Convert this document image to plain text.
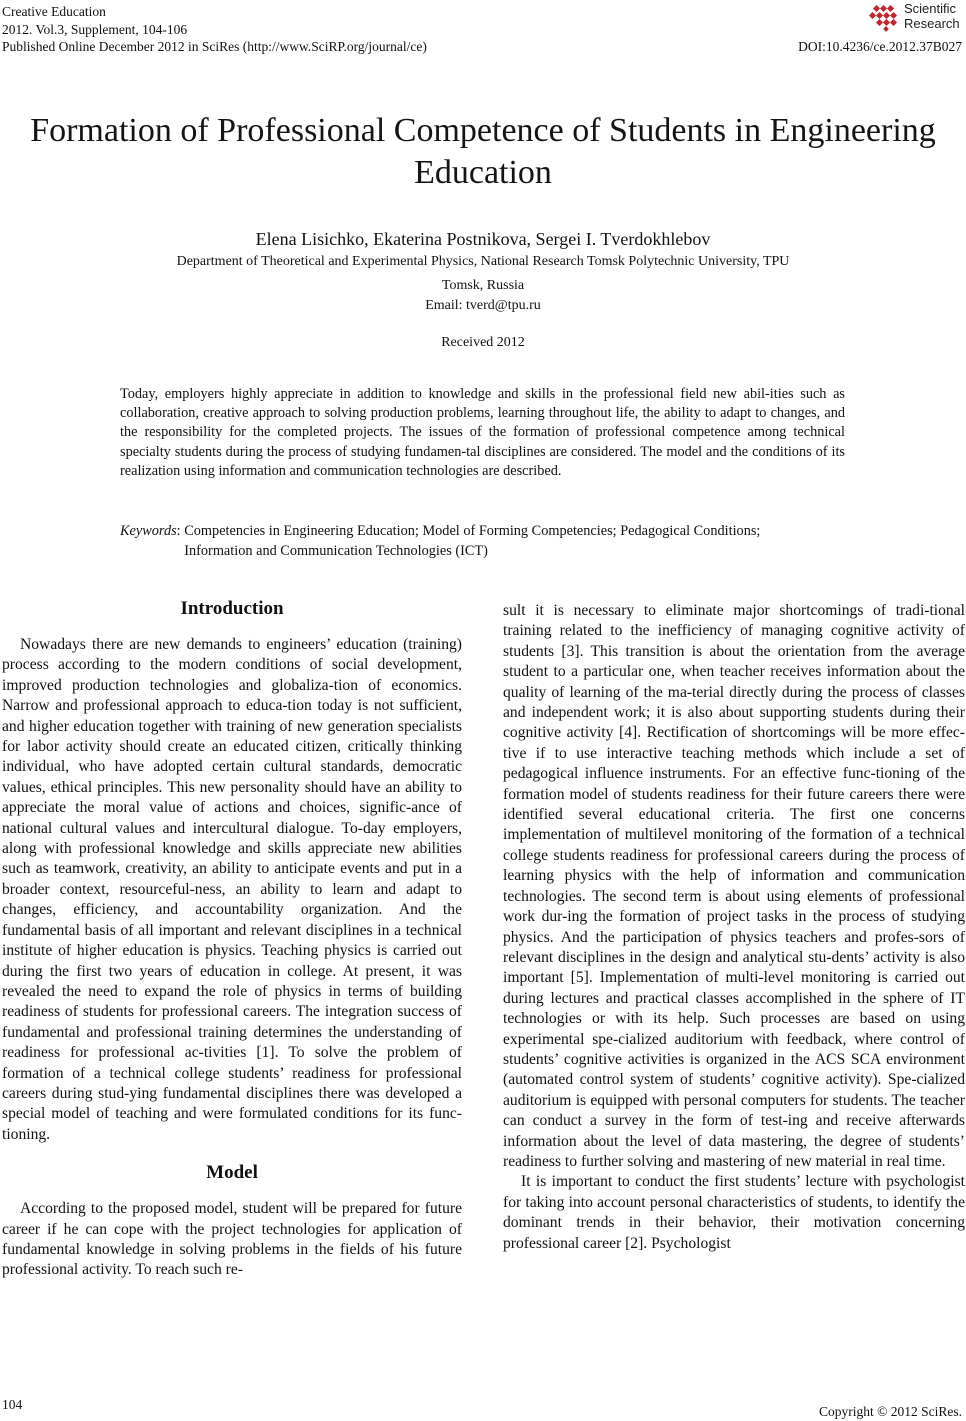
Creative Education
2012. Vol.3, Supplement, 104-106
Published Online December 2012 in SciRes (http://www.SciRP.org/journal/ce)	DOI:10.4236/ce.2012.37B027
Scientific
Research
Formation of Professional Competence of Students in Engineering Education
Elena Lisichko, Ekaterina Postnikova, Sergei I. Tverdokhlebov
Department of Theoretical and Experimental Physics, National Research Tomsk Polytechnic University, TPU
Tomsk, Russia
Email: tverd@tpu.ru
Received 2012
Today, employers highly appreciate in addition to knowledge and skills in the professional field new abil-ities such as collaboration, creative approach to solving production problems, learning throughout life, the ability to adapt to changes, and the responsibility for the completed projects. The issues of the formation of professional competence among technical specialty students during the process of studying fundamen-tal disciplines are considered. The model and the conditions of its realization using information and communication technologies are described.
Keywords: Competencies in Engineering Education; Model of Forming Competencies; Pedagogical Conditions; Information and Communication Technologies (ICT)
Introduction

Nowadays there are new demands to engineers’ education (training) process according to the modern conditions of social development, improved production technologies and globaliza-tion of economics. Narrow and professional approach to educa-tion today is not sufficient, and higher education together with training of new generation specialists for labor activity should create an educated citizen, critically thinking individual, who have adopted certain cultural standards, democratic values, ethical principles. This new personality should have an ability to appreciate the moral value of actions and choices, signific-ance of national cultural values and intercultural dialogue. To-day employers, along with professional knowledge and skills appreciate new abilities such as teamwork, creativity, an ability to anticipate events and put in a broader context, resourceful-ness, an ability to learn and adapt to changes, efficiency, and accountability organization. And the fundamental basis of all important and relevant disciplines in a technical institute of higher education is physics. Teaching physics is carried out during the first two years of education in college. At present, it was revealed the need to expand the role of physics in terms of building readiness of students for professional careers. The integration success of fundamental and professional training determines the understanding of readiness for professional ac-tivities [1]. To solve the problem of formation of a technical college students’ readiness for professional careers during stud-ying fundamental disciplines there was developed a special model of teaching and were formulated conditions for its func-tioning.

Model

According to the proposed model, student will be prepared for future career if he can cope with the project technologies for application of fundamental knowledge in solving problems in the fields of his future professional activity. To reach such re-

sult it is necessary to eliminate major shortcomings of tradi-tional training related to the inefficiency of managing cognitive activity of students [3]. This transition is about the orientation from the average student to a particular one, when teacher receives information about the quality of learning of the ma-terial directly during the process of classes and independent work; it is also about supporting students during their cognitive activity [4]. Rectification of shortcomings will be more effec-tive if to use interactive teaching methods which include a set of pedagogical influence instruments. For an effective func-tioning of the formation model of students readiness for their future careers there were identified several educational criteria. The first one concerns implementation of multilevel monitoring of the formation of a technical college students readiness for professional careers during the process of learning physics with the help of information and communication technologies. The second term is about using elements of professional work dur-ing the formation of project tasks in the process of studying physics. And the participation of physics teachers and profes-sors of relevant disciplines in the design and analytical stu-dents’ activity is also important [5]. Implementation of multi-level monitoring is carried out during lectures and practical classes accomplished in the sphere of IT technologies or with its help. Such processes are based on using experimental spe-cialized auditorium with feedback, where control of students’ cognitive activities is organized in the ACS SCA environment (automated control system of students’ cognitive activity). Spe-cialized auditorium is equipped with personal computers for students. The teacher can conduct a survey in the form of test-ing and receive afterwards information about the level of data mastering, the degree of students’ readiness to further solving and mastering of new material in real time.

It is important to conduct the first students’ lecture with psychologist for taking into account personal characteristics of students, to identify the dominant trends in their behavior, their motivation concerning professional career [2]. Psychologist

104	Copyright © 2012 SciRes.
